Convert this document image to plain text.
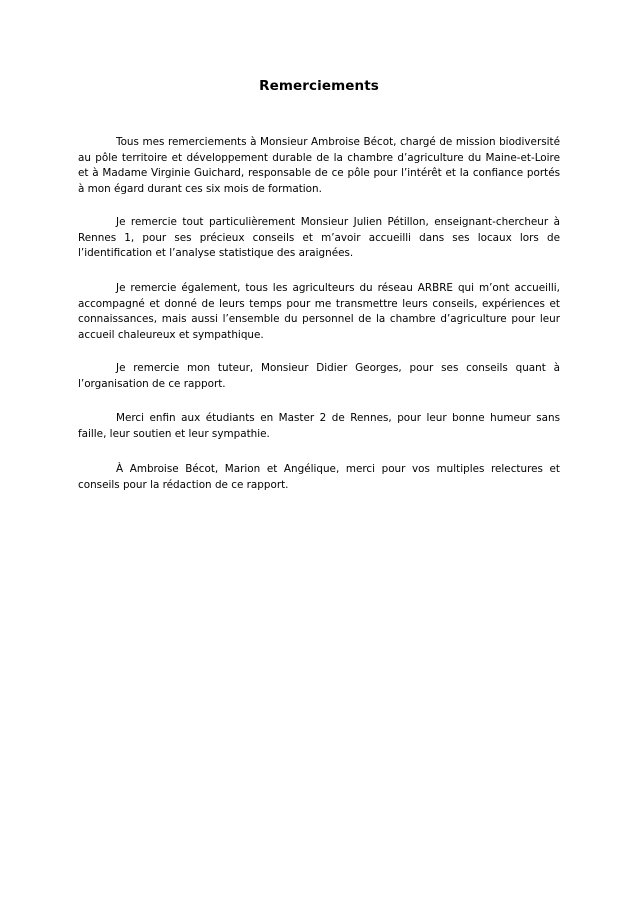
Remerciements

Tous mes remerciements à Monsieur Ambroise Bécot, chargé de mission biodiversité au pôle territoire et développement durable de la chambre d’agriculture du Maine-et-Loire et à Madame Virginie Guichard, responsable de ce pôle pour l’intérêt et la confiance portés à mon égard durant ces six mois de formation.

Je remercie tout particulièrement Monsieur Julien Pétillon, enseignant-chercheur à Rennes 1, pour ses précieux conseils et m’avoir accueilli dans ses locaux lors de l’identification et l’analyse statistique des araignées.

Je remercie également, tous les agriculteurs du réseau ARBRE qui m’ont accueilli, accompagné et donné de leurs temps pour me transmettre leurs conseils, expériences et connaissances, mais aussi l’ensemble du personnel de la chambre d’agriculture pour leur accueil chaleureux et sympathique.

Je remercie mon tuteur, Monsieur Didier Georges, pour ses conseils quant à l’organisation de ce rapport.

Merci enfin aux étudiants en Master 2 de Rennes, pour leur bonne humeur sans faille, leur soutien et leur sympathie.

À Ambroise Bécot, Marion et Angélique, merci pour vos multiples relectures et conseils pour la rédaction de ce rapport.
